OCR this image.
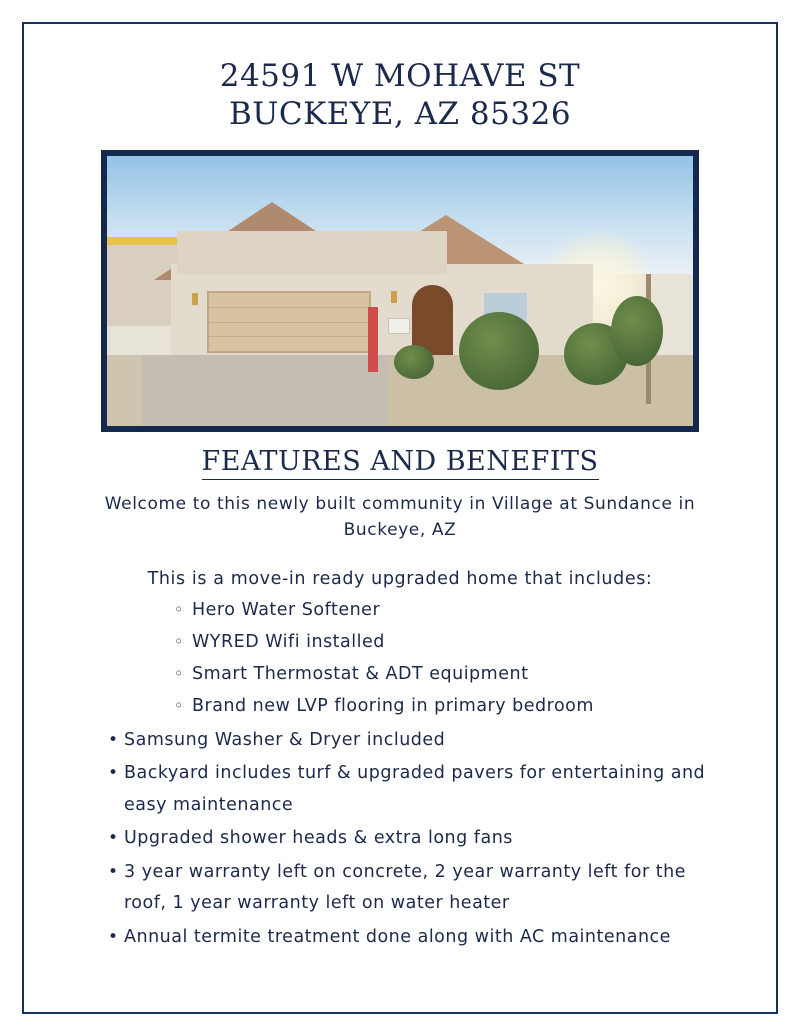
24591 W MOHAVE ST
BUCKEYE, AZ 85326
FEATURES AND BENEFITS

Welcome to this newly built community in Village at Sundance in Buckeye, AZ

This is a move-in ready upgraded home that includes:

◦ Hero Water Softener
◦ WYRED Wifi installed
◦ Smart Thermostat & ADT equipment
◦ Brand new LVP flooring in primary bedroom
• Samsung Washer & Dryer included
• Backyard includes turf & upgraded pavers for entertaining and easy maintenance
• Upgraded shower heads & extra long fans
• 3 year warranty left on concrete, 2 year warranty left for the roof, 1 year warranty left on water heater
• Annual termite treatment done along with AC maintenance
